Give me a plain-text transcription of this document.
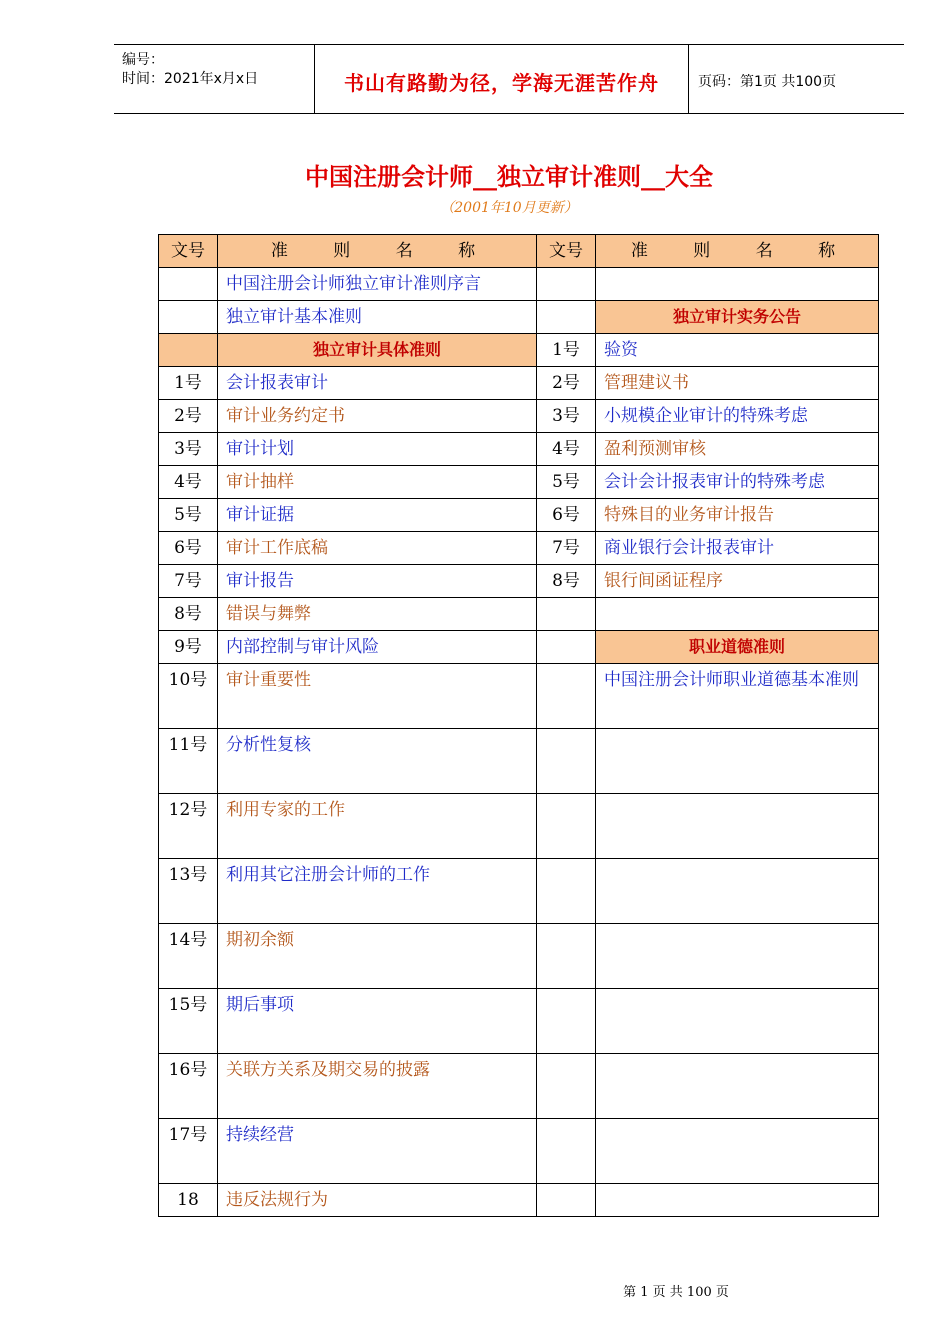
编号：
时间：2021年x月x日	书山有路勤为径，学海无涯苦作舟	页码：第1页 共100页
中国注册会计师__独立审计准则__大全
（2001年10月更新）
文号	准 则 名 称	文号	准 则 名 称
	中国注册会计师独立审计准则序言		
	独立审计基本准则		独立审计实务公告
	独立审计具体准则	1号	验资
1号	会计报表审计	2号	管理建议书
2号	审计业务约定书	3号	小规模企业审计的特殊考虑
3号	审计计划	4号	盈利预测审核
4号	审计抽样	5号	会计会计报表审计的特殊考虑
5号	审计证据	6号	特殊目的业务审计报告
6号	审计工作底稿	7号	商业银行会计报表审计
7号	审计报告	8号	银行间函证程序
8号	错误与舞弊		
9号	内部控制与审计风险		职业道德准则
10号	审计重要性		中国注册会计师职业道德基本准则
11号	分析性复核		
12号	利用专家的工作		
13号	利用其它注册会计师的工作		
14号	期初余额		
15号	期后事项		
16号	关联方关系及期交易的披露		
17号	持续经营		
18	违反法规行为		
第 1 页 共 100 页
